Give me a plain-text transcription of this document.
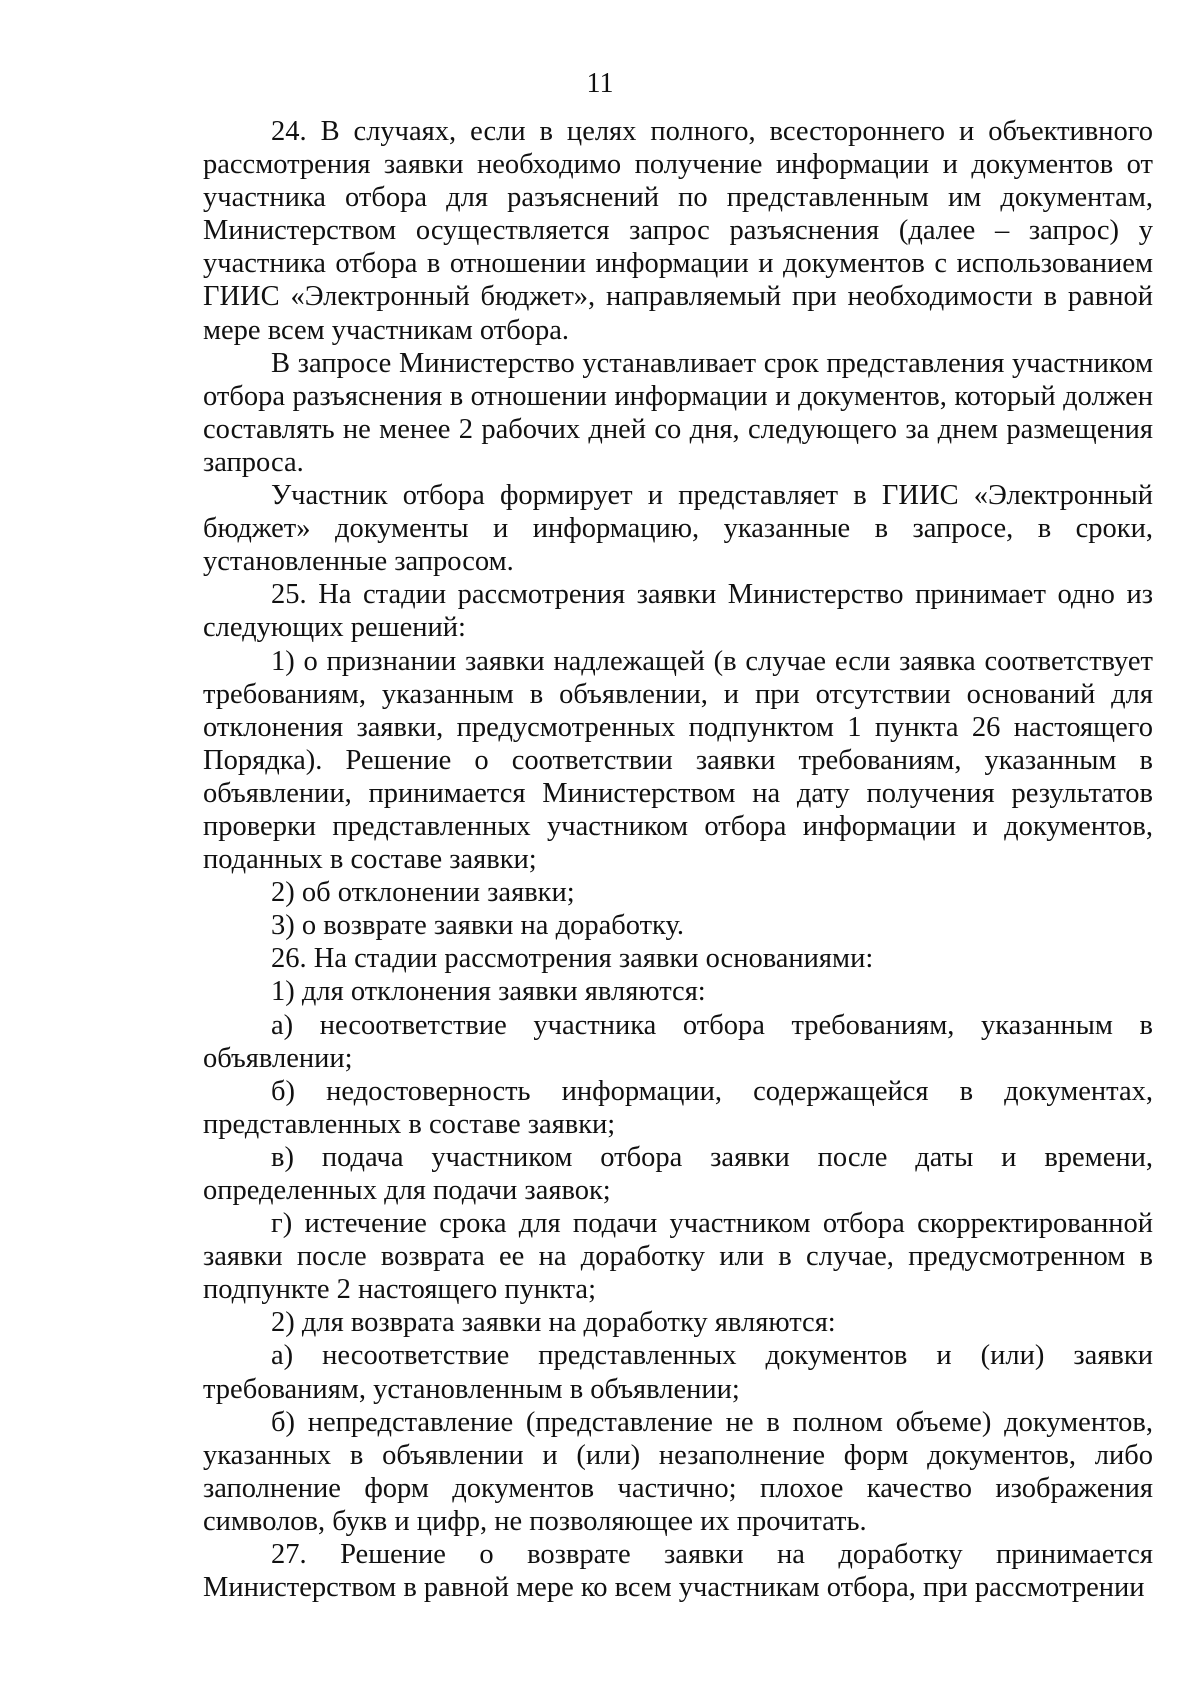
11

24. В случаях, если в целях полного, всестороннего и объективного рассмотрения заявки необходимо получение информации и документов от участника отбора для разъяснений по представленным им документам, Министерством осуществляется запрос разъяснения (далее – запрос) у участника отбора в отношении информации и документов с использованием ГИИС «Электронный бюджет», направляемый при необходимости в равной мере всем участникам отбора.

В запросе Министерство устанавливает срок представления участником отбора разъяснения в отношении информации и документов, который должен составлять не менее 2 рабочих дней со дня, следующего за днем размещения запроса.

Участник отбора формирует и представляет в ГИИС «Электронный бюджет» документы и информацию, указанные в запросе, в сроки, установленные запросом.

25. На стадии рассмотрения заявки Министерство принимает одно из следующих решений:

1) о признании заявки надлежащей (в случае если заявка соответствует требованиям, указанным в объявлении, и при отсутствии оснований для отклонения заявки, предусмотренных подпунктом 1 пункта 26 настоящего Порядка). Решение о соответствии заявки требованиям, указанным в объявлении, принимается Министерством на дату получения результатов проверки представленных участником отбора информации и документов, поданных в составе заявки;

2) об отклонении заявки;

3) о возврате заявки на доработку.

26. На стадии рассмотрения заявки основаниями:

1) для отклонения заявки являются:

а) несоответствие участника отбора требованиям, указанным в объявлении;

б) недостоверность информации, содержащейся в документах, представленных в составе заявки;

в) подача участником отбора заявки после даты и времени, определенных для подачи заявок;

г) истечение срока для подачи участником отбора скорректированной заявки после возврата ее на доработку или в случае, предусмотренном в подпункте 2 настоящего пункта;

2) для возврата заявки на доработку являются:

а) несоответствие представленных документов и (или) заявки требованиям, установленным в объявлении;

б) непредставление (представление не в полном объеме) документов, указанных в объявлении и (или) незаполнение форм документов, либо заполнение форм документов частично; плохое качество изображения символов, букв и цифр, не позволяющее их прочитать.

27. Решение о возврате заявки на доработку принимается Министерством в равной мере ко всем участникам отбора, при рассмотрении
